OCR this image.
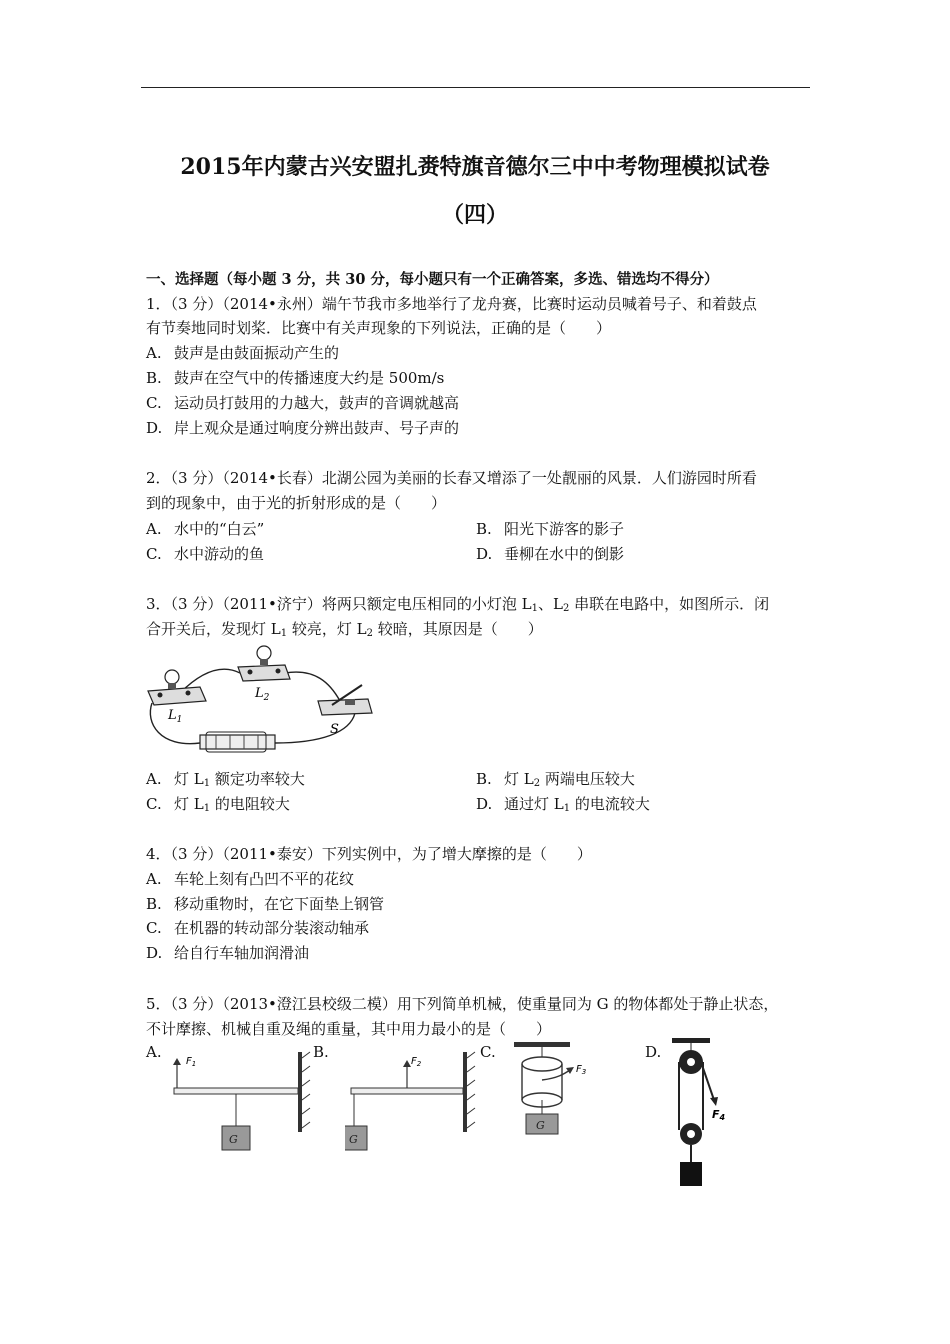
2015年内蒙古兴安盟扎赉特旗音德尔三中中考物理模拟试卷
（四）
一、选择题（每小题 3 分，共 30 分，每小题只有一个正确答案，多选、错选均不得分）
1．（3 分）（2014•永州）端午节我市多地举行了龙舟赛，比赛时运动员喊着号子、和着鼓点
有节奏地同时划桨．比赛中有关声现象的下列说法，正确的是（　　）
A. 鼓声是由鼓面振动产生的
B. 鼓声在空气中的传播速度大约是 500m/s
C. 运动员打鼓用的力越大，鼓声的音调就越高
D. 岸上观众是通过响度分辨出鼓声、号子声的
2．（3 分）（2014•长春）北湖公园为美丽的长春又增添了一处靓丽的风景．人们游园时所看
到的现象中，由于光的折射形成的是（　　）
A. 水中的“白云”	B. 阳光下游客的影子
C. 水中游动的鱼	D. 垂柳在水中的倒影
3．（3 分）（2011•济宁）将两只额定电压相同的小灯泡 $L_1$、$L_2$ 串联在电路中，如图所示．闭
合开关后，发现灯 $L_1$ 较亮，灯 $L_2$ 较暗，其原因是（　　）
$L_1$
$L_2$
S
A. 灯 $L_1$ 额定功率较大	B. 灯 $L_2$ 两端电压较大
C. 灯 $L_1$ 的电阻较大	D. 通过灯 $L_1$ 的电流较大
4．（3 分）（2011•泰安）下列实例中，为了增大摩擦的是（　　）
A. 车轮上刻有凸凹不平的花纹
B. 移动重物时，在它下面垫上钢管
C. 在机器的转动部分装滚动轴承
D. 给自行车轴加润滑油
5．（3 分）（2013•澄江县校级二模）用下列简单机械，使重量同为 G 的物体都处于静止状态，
不计摩擦、机械自重及绳的重量，其中用力最小的是（　　）
A.	B.	C.	D.
$F_1$
G
$F_2$
G
$F_3$
G
F4
